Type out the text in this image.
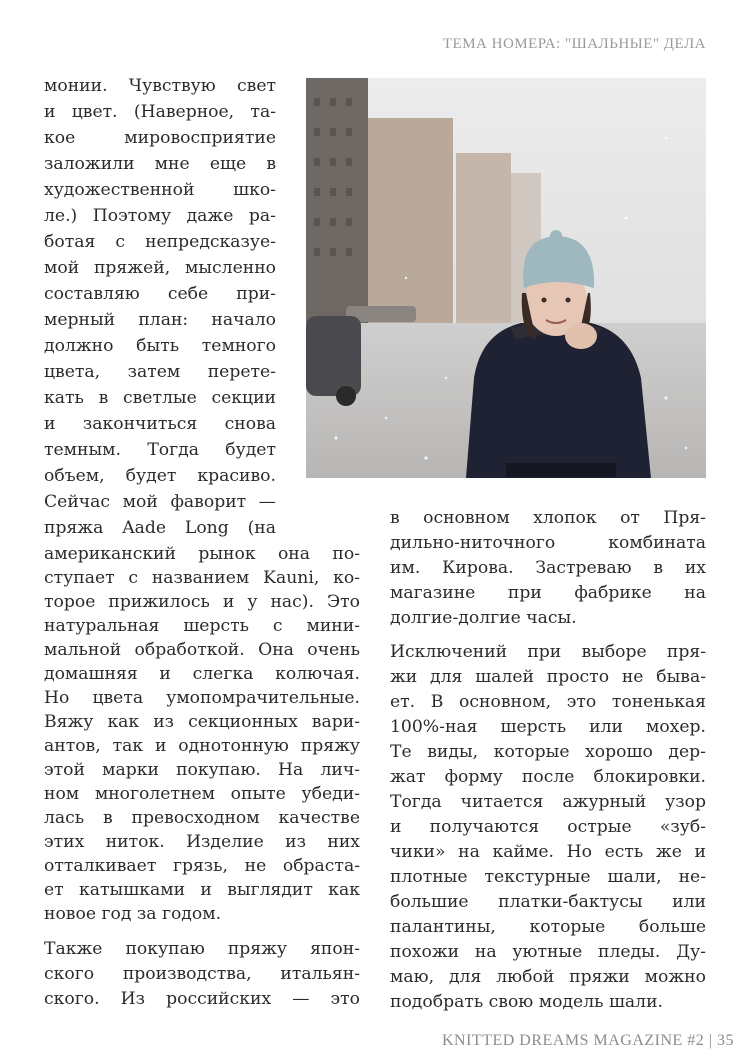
ТЕМА НОМЕРА: "ШАЛЬНЫЕ" ДЕЛА
монии. Чувствую свет
и цвет. (Наверное, та-
кое мировосприятие
заложили мне еще в
художественной шко-
ле.) Поэтому даже ра-
ботая с непредсказуе-
мой пряжей, мысленно
составляю себе при-
мерный план: начало
должно быть темного
цвета, затем перете-
кать в светлые секции
и закончиться снова
темным. Тогда будет
объем, будет красиво.
Сейчас мой фаворит —
пряжа Aade Long (на
американский рынок она по-
ступает с названием Kauni, ко-
торое прижилось и у нас). Это
натуральная шерсть с мини-
мальной обработкой. Она очень
домашняя и слегка колючая.
Но цвета умопомрачительные.
Вяжу как из секционных вари-
антов, так и однотонную пряжу
этой марки покупаю. На лич-
ном многолетнем опыте убеди-
лась в превосходном качестве
этих ниток. Изделие из них
отталкивает грязь, не обраста-
ет катышками и выглядит как
новое год за годом.
Также покупаю пряжу япон-
ского производства, итальян-
ского. Из российских — это
в основном хлопок от Пря-
дильно-ниточного комбината
им. Кирова. Застреваю в их
магазине при фабрике на
долгие-долгие часы.
Исключений при выборе пря-
жи для шалей просто не быва-
ет. В основном, это тоненькая
100%-ная шерсть или мохер.
Те виды, которые хорошо дер-
жат форму после блокировки.
Тогда читается ажурный узор
и получаются острые «зуб-
чики» на кайме. Но есть же и
плотные текстурные шали, не-
большие платки-бактусы или
палантины, которые больше
похожи на уютные пледы. Ду-
маю, для любой пряжи можно
подобрать свою модель шали.
KNITTED DREAMS MAGAZINE #2 | 35
